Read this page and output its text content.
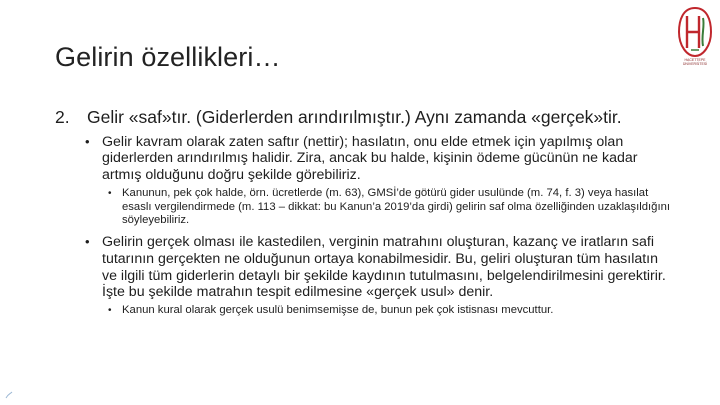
Gelirin özellikleri…	HACETTEPE ÜNİVERSİTESİ
2. Gelir «saf»tır. (Giderlerden arındırılmıştır.) Aynı zamanda «gerçek»tir.
• Gelir kavram olarak zaten saftır (nettir); hasılatın, onu elde etmek için yapılmış olan giderlerden arındırılmış halidir. Zira, ancak bu halde, kişinin ödeme gücünün ne kadar artmış olduğunu doğru şekilde görebiliriz.
• Kanunun, pek çok halde, örn. ücretlerde (m. 63), GMSİ’de götürü gider usulünde (m. 74, f. 3) veya hasılat esaslı vergilendirmede (m. 113 – dikkat: bu Kanun’a 2019’da girdi) gelirin saf olma özelliğinden uzaklaşıldığını söyleyebiliriz.
• Gelirin gerçek olması ile kastedilen, verginin matrahını oluşturan, kazanç ve iratların safi tutarının gerçekten ne olduğunun ortaya konabilmesidir. Bu, geliri oluşturan tüm hasılatın ve ilgili tüm giderlerin detaylı bir şekilde kaydının tutulmasını, belgelendirilmesini gerektirir. İşte bu şekilde matrahın tespit edilmesine «gerçek usul» denir.
• Kanun kural olarak gerçek usulü benimsemişse de, bunun pek çok istisnası mevcuttur.
